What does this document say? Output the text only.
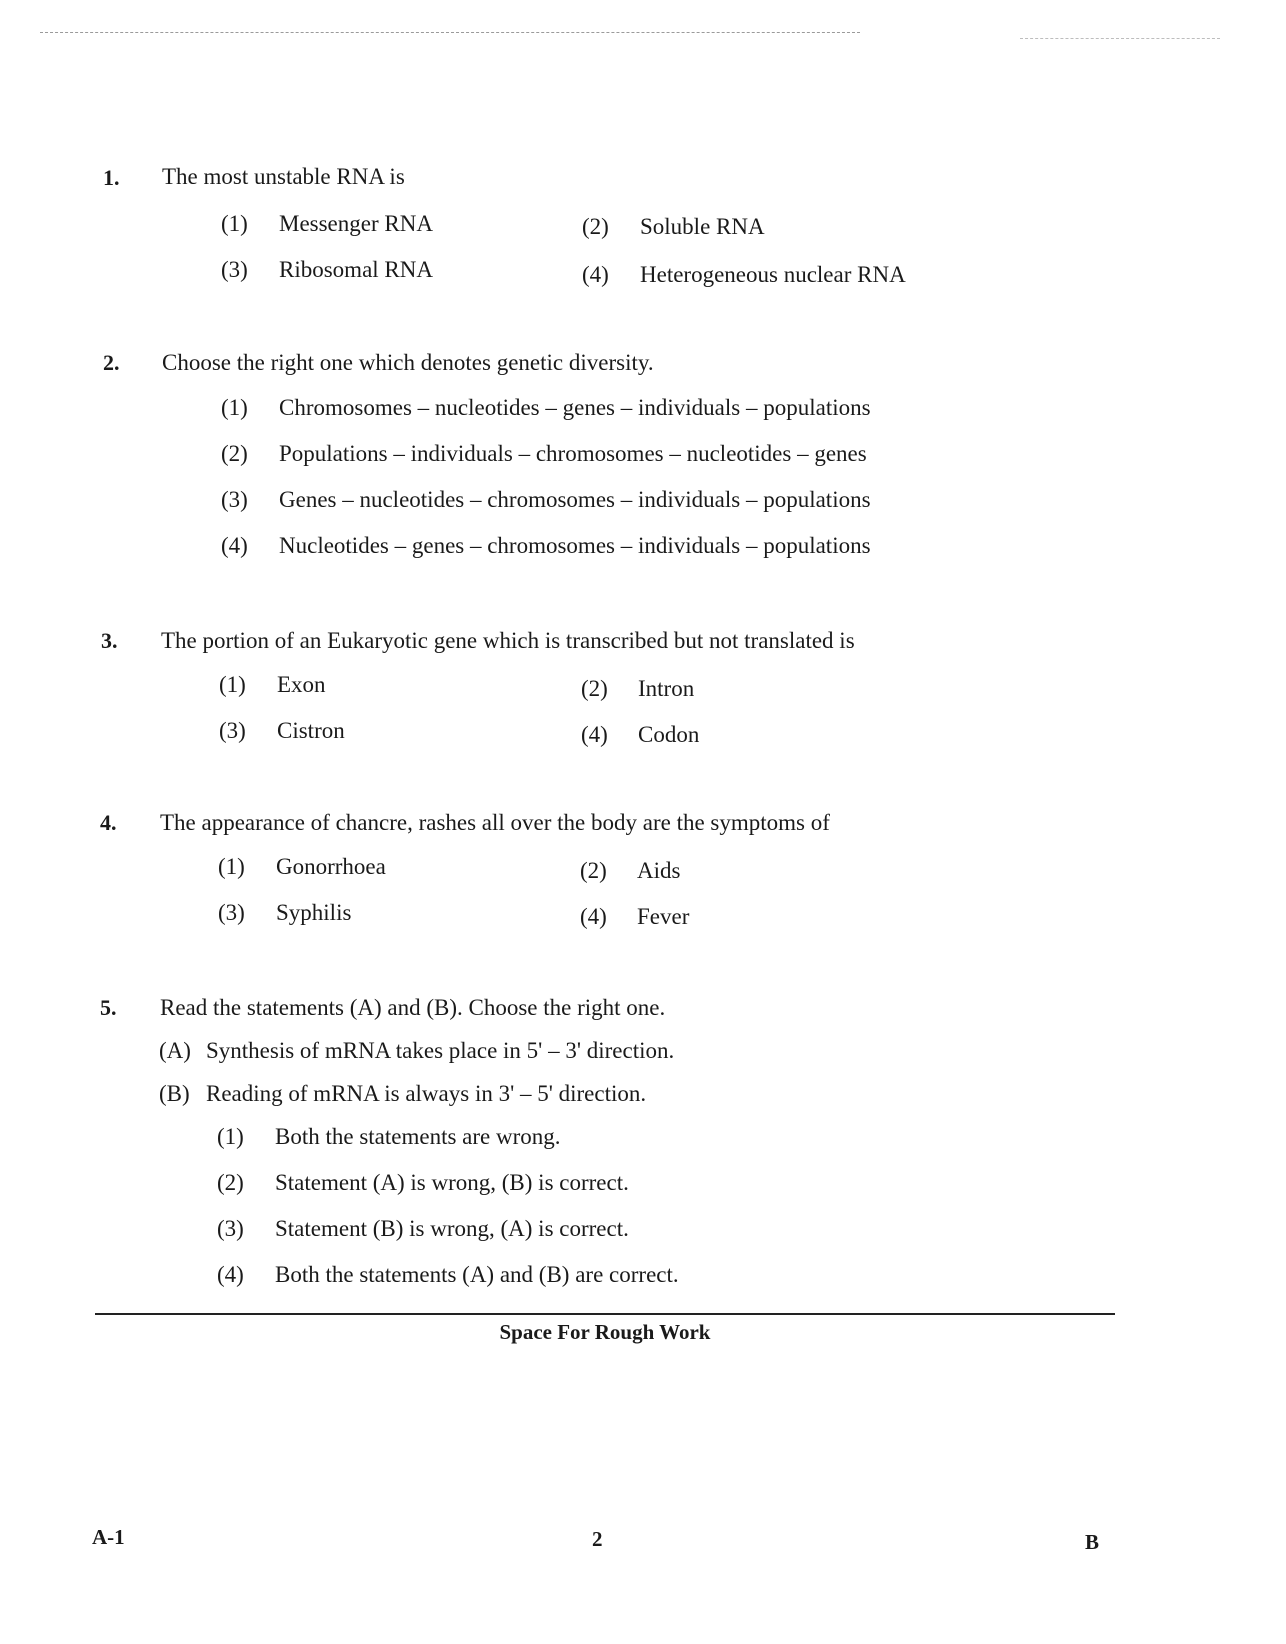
1. The most unstable RNA is
(1) Messenger RNA	(2) Soluble RNA
(3) Ribosomal RNA	(4) Heterogeneous nuclear RNA
2. Choose the right one which denotes genetic diversity.
(1) Chromosomes – nucleotides – genes – individuals – populations
(2) Populations – individuals – chromosomes – nucleotides – genes
(3) Genes – nucleotides – chromosomes – individuals – populations
(4) Nucleotides – genes – chromosomes – individuals – populations
3. The portion of an Eukaryotic gene which is transcribed but not translated is
(1) Exon	(2) Intron
(3) Cistron	(4) Codon
4. The appearance of chancre, rashes all over the body are the symptoms of
(1) Gonorrhoea	(2) Aids
(3) Syphilis	(4) Fever
5. Read the statements (A) and (B). Choose the right one.
(A) Synthesis of mRNA takes place in 5' – 3' direction.
(B) Reading of mRNA is always in 3' – 5' direction.
(1) Both the statements are wrong.
(2) Statement (A) is wrong, (B) is correct.
(3) Statement (B) is wrong, (A) is correct.
(4) Both the statements (A) and (B) are correct.
Space For Rough Work
A-1	2	B
